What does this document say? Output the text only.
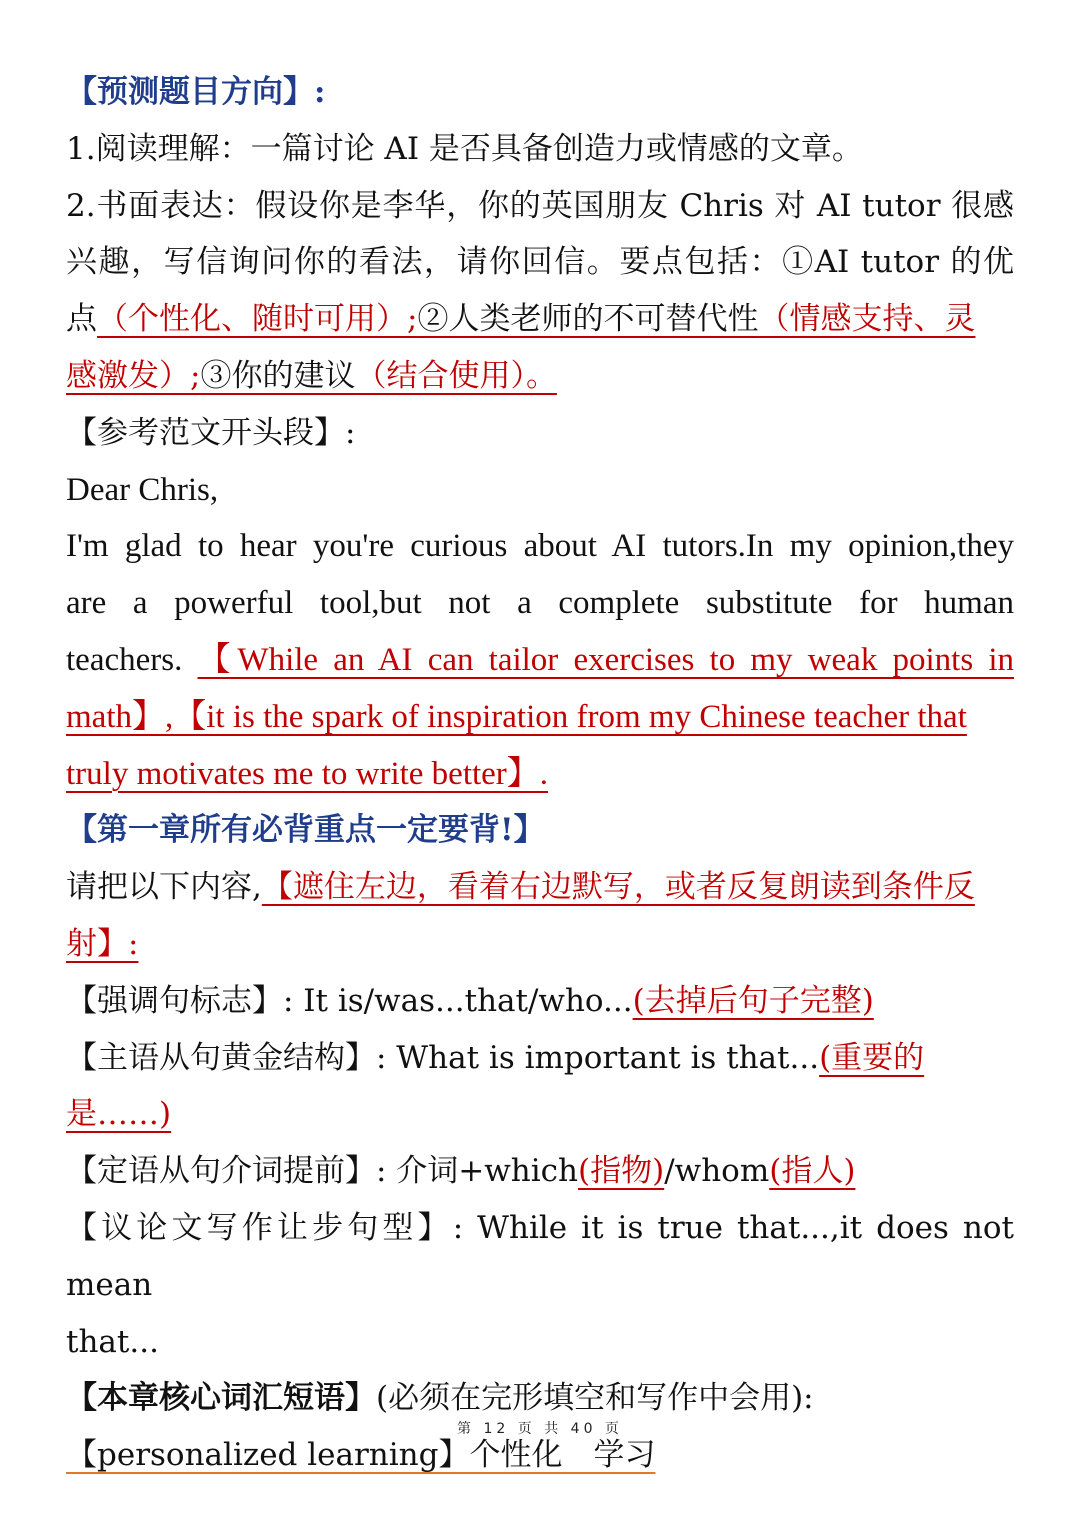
【预测题目方向】:

1.阅读理解：一篇讨论 AI 是否具备创造力或情感的文章。

2.书面表达：假设你是李华，你的英国朋友 Chris 对 AI tutor 很感

兴趣，写信询问你的看法，请你回信。要点包括：①AI tutor 的优

点（个性化、随时可用）;②人类老师的不可替代性（情感支持、灵

感激发）;③你的建议（结合使用）。

【参考范文开头段】:

Dear Chris,

I'm glad to hear you're curious about AI tutors.In my opinion,they

are a powerful tool,but not a complete substitute for human

teachers. 【While an AI can tailor exercises to my weak points in

math】,【it is the spark of inspiration from my Chinese teacher that

truly motivates me to write better】.

【第一章所有必背重点一定要背!】

请把以下内容,【遮住左边，看着右边默写，或者反复朗读到条件反

射】:

【强调句标志】: It is/was...that/who...(去掉后句子完整)

【主语从句黄金结构】: What is important is that...(重要的是……)

【定语从句介词提前】: 介词+which(指物)/whom(指人)

【议论文写作让步句型】: While it is true that...,it does not mean

that...

【本章核心词汇短语】(必须在完形填空和写作中会用):

【personalized learning】个性化　学习

第 12 页 共 40 页
